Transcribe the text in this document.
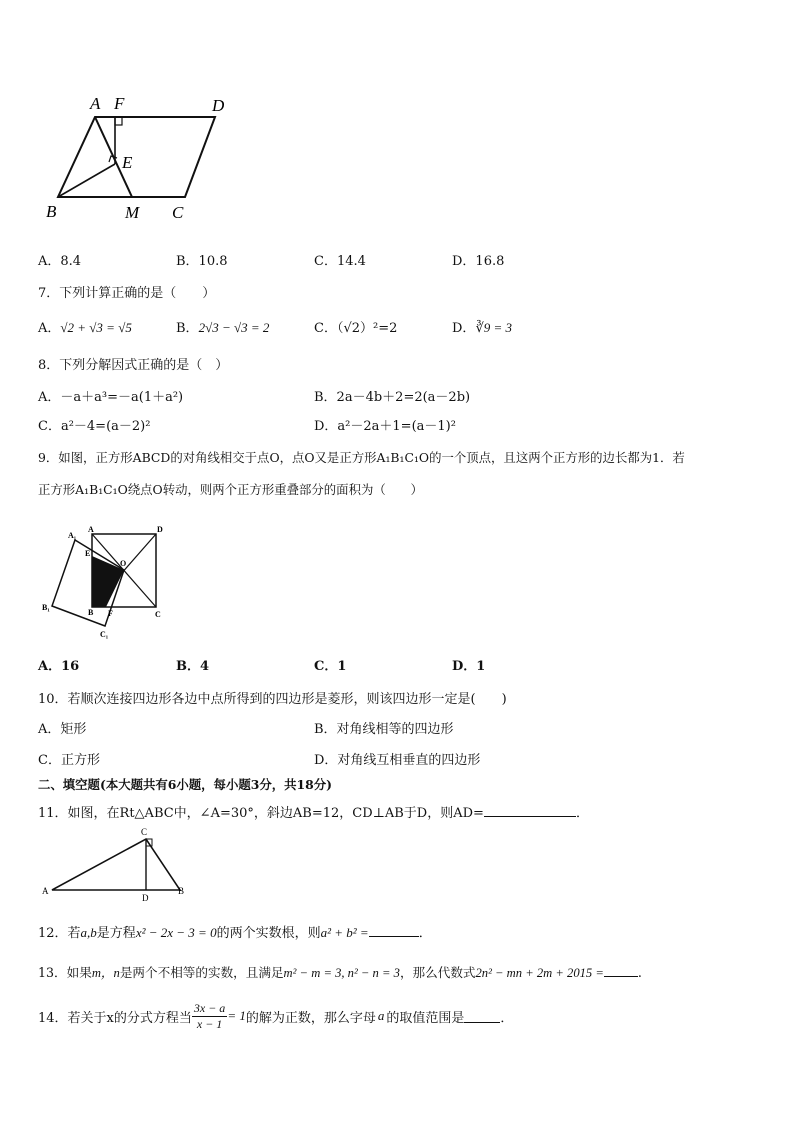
A F	D
E
B	M C
A．8.4	B．10.8	C．14.4	D．16.8
7．下列计算正确的是（　　）
A．√2 + √3 = √5	B．2√3 − √3 = 2	C．（√2）²=2	D．∛9 = 3
8．下列分解因式正确的是（　）
A．－a＋a³=－a(1＋a²)	B．2a－4b＋2=2(a－2b)
C．a²－4=(a－2)²	D．a²－2a＋1=(a－1)²
9．如图，正方形ABCD的对角线相交于点O，点O又是正方形A₁B₁C₁O的一个顶点，且这两个正方形的边长都为1．若
正方形A₁B₁C₁O绕点O转动，则两个正方形重叠部分的面积为（　　）
A	D
A₁
E
O
B₁
B F	C
C₁
A．16	B．4	C．1	D．1
10．若顺次连接四边形各边中点所得到的四边形是菱形，则该四边形一定是(　　)
A．矩形	B．对角线相等的四边形
C．正方形	D．对角线互相垂直的四边形
二、填空题(本大题共有6小题，每小题3分，共18分)
11．如图，在Rt△ABC中，∠A=30°，斜边AB=12，CD⊥AB于D，则AD=	．
C
A
D
B
12．若a,b是方程x² − 2x − 3 = 0的两个实数根，则a² + b² =	．
13．如果m，n是两个不相等的实数，且满足m² − m = 3, n² − n = 3，那么代数式2n² − mn + 2m + 2015 =	.
14．若关于x的分式方程当 $\frac{3x - a}{x - 1} = 1$ 的解为正数，那么字母 a 的取值范围是	．
